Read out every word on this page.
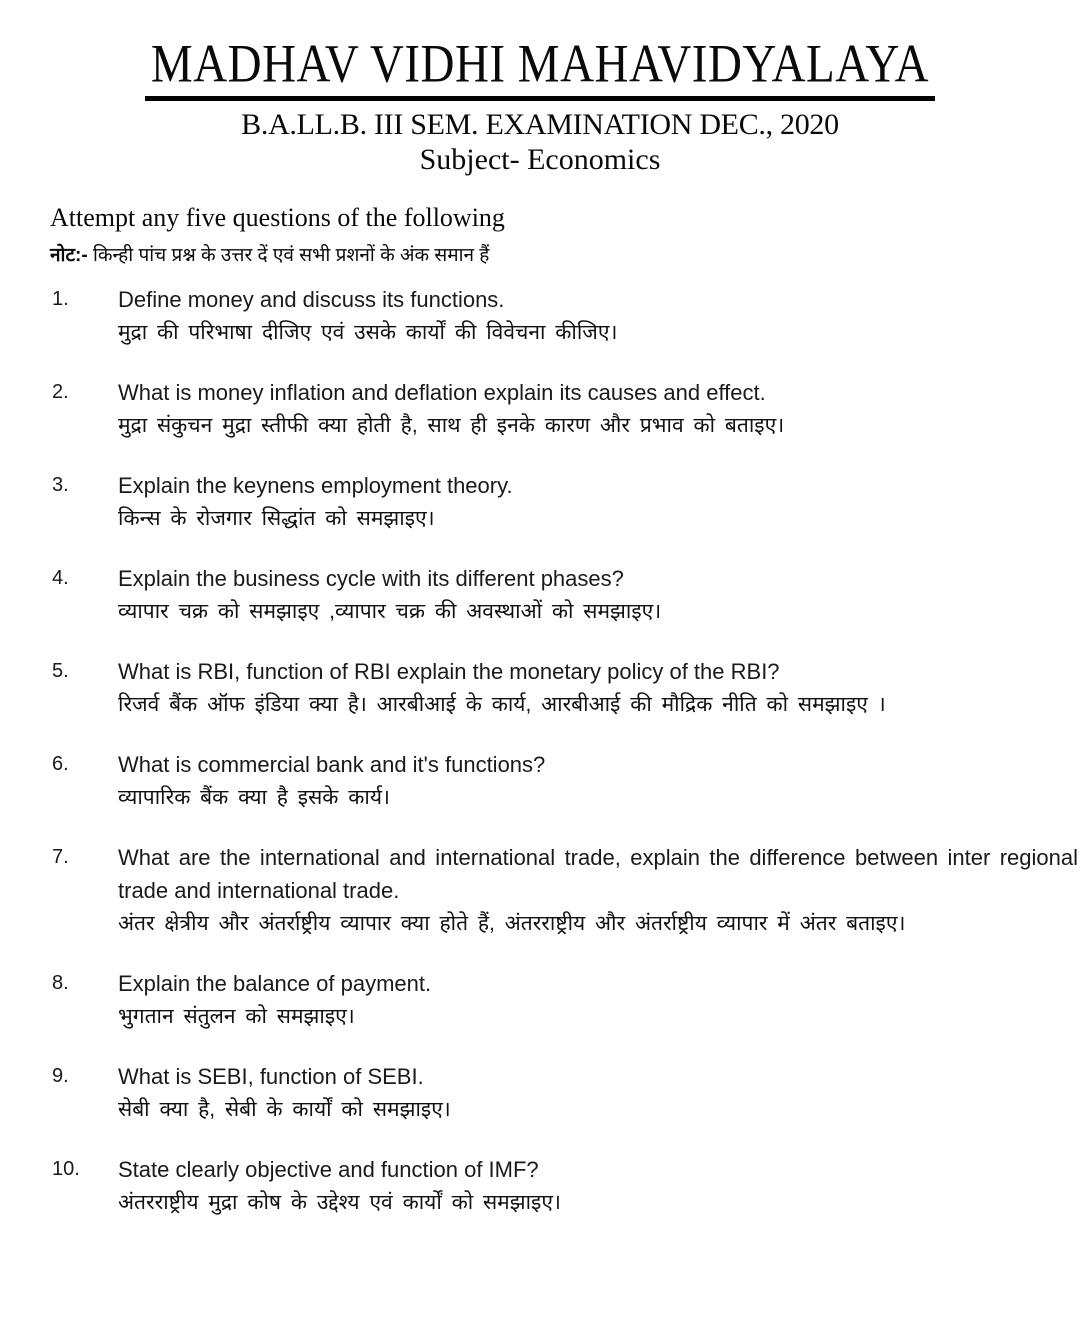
MADHAV VIDHI MAHAVIDYALAYA
B.A.LL.B. III SEM. EXAMINATION DEC., 2020
Subject- Economics
Attempt any five questions of the following
नोट:- किन्ही पांच प्रश्न के उत्तर दें एवं सभी प्रशनों के अंक समान हैं
1.	Define money and discuss its functions.
मुद्रा की परिभाषा दीजिए एवं उसके कार्यों की विवेचना कीजिए।
2.	What is money inflation and deflation explain its causes and effect.
मुद्रा संकुचन मुद्रा स्तीफी क्या होती है, साथ ही इनके कारण और प्रभाव को बताइए।
3.	Explain the keynens employment theory.
किन्स के रोजगार सिद्धांत को समझाइए।
4.	Explain the business cycle with its different phases?
व्यापार चक्र को समझाइए ,व्यापार चक्र की अवस्थाओं को समझाइए।
5.	What is RBI, function of RBI explain the monetary policy of the RBI?
रिजर्व बैंक ऑफ इंडिया क्या है। आरबीआई के कार्य, आरबीआई की मौद्रिक नीति को समझाइए ।
6.	What is commercial bank and it's functions?
व्यापारिक बैंक क्या है इसके कार्य।
7.	What are the international and international trade, explain the difference between inter regional trade and international trade.
अंतर क्षेत्रीय और अंतर्राष्ट्रीय व्यापार क्या होते हैं, अंतरराष्ट्रीय और अंतर्राष्ट्रीय व्यापार में अंतर बताइए।
8.	Explain the balance of payment.
भुगतान संतुलन को समझाइए।
9.	What is SEBI, function of SEBI.
सेबी क्या है, सेबी के कार्यों को समझाइए।
10.	State clearly objective and function of IMF?
अंतरराष्ट्रीय मुद्रा कोष के उद्देश्य एवं कार्यों को समझाइए।
